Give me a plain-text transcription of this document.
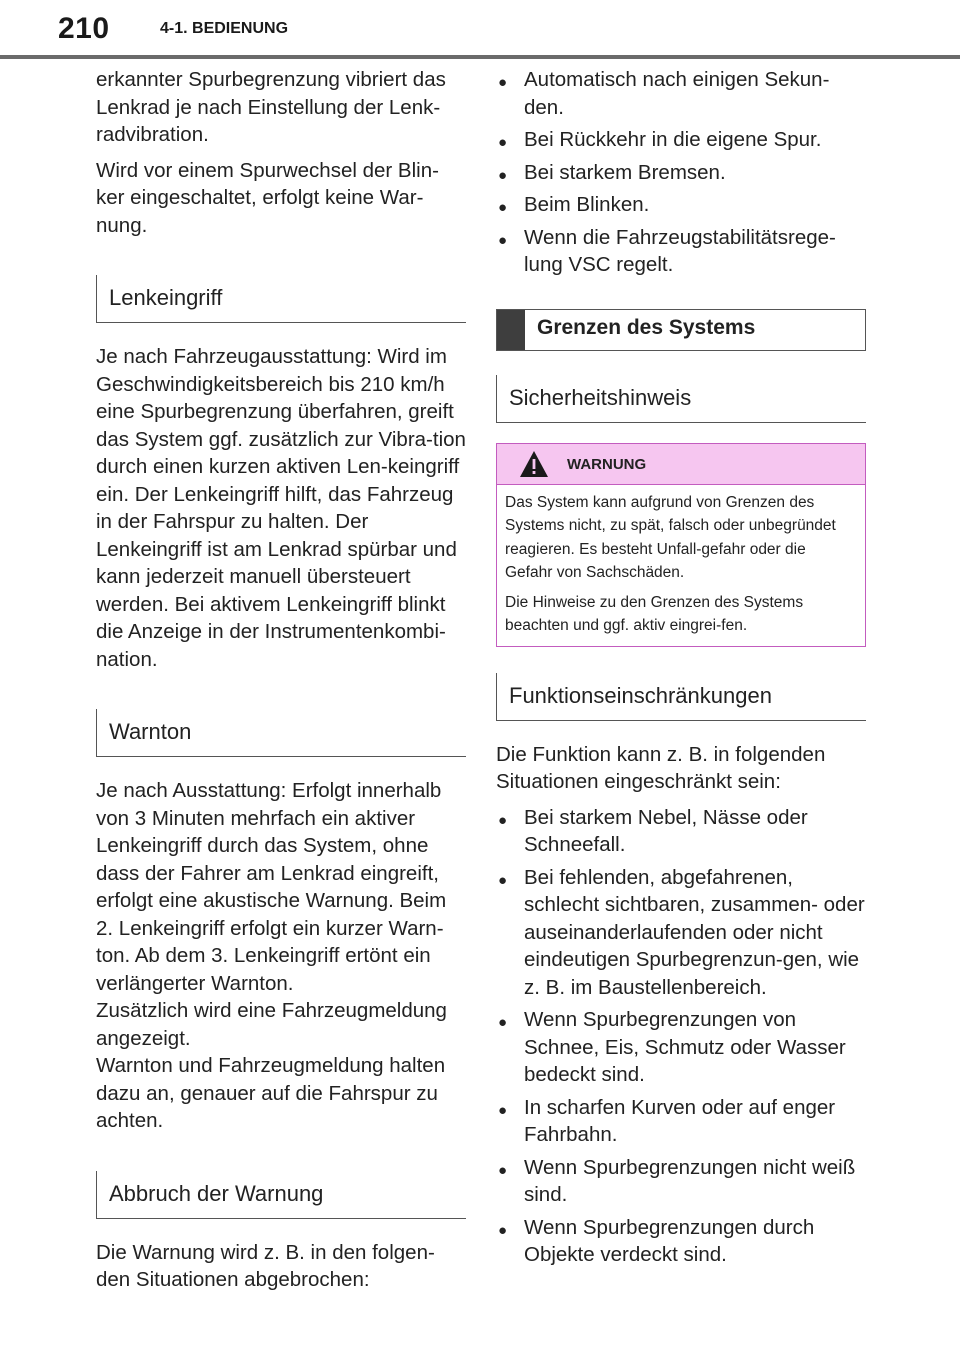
210	4-1. BEDIENUNG

erkannter Spurbegrenzung vibriert das Lenkrad je nach Einstellung der Lenk-radvibration.

Wird vor einem Spurwechsel der Blin-ker eingeschaltet, erfolgt keine War-nung.

Lenkeingriff

Je nach Fahrzeugausstattung: Wird im Geschwindigkeitsbereich bis 210 km/h eine Spurbegrenzung überfahren, greift das System ggf. zusätzlich zur Vibra-tion durch einen kurzen aktiven Len-keingriff ein. Der Lenkeingriff hilft, das Fahrzeug in der Fahrspur zu halten. Der Lenkeingriff ist am Lenkrad spürbar und kann jederzeit manuell übersteuert werden. Bei aktivem Lenkeingriff blinkt die Anzeige in der Instrumentenkombi-nation.

Warnton

Je nach Ausstattung: Erfolgt innerhalb von 3 Minuten mehrfach ein aktiver Lenkeingriff durch das System, ohne dass der Fahrer am Lenkrad eingreift, erfolgt eine akustische Warnung. Beim 2. Lenkeingriff erfolgt ein kurzer Warn-ton. Ab dem 3. Lenkeingriff ertönt ein verlängerter Warnton.

Zusätzlich wird eine Fahrzeugmeldung angezeigt.

Warnton und Fahrzeugmeldung halten dazu an, genauer auf die Fahrspur zu achten.

Abbruch der Warnung

Die Warnung wird z. B. in den folgen-den Situationen abgebrochen:

● Automatisch nach einigen Sekun-den.
● Bei Rückkehr in die eigene Spur.
● Bei starkem Bremsen.
● Beim Blinken.
● Wenn die Fahrzeugstabilitätsrege-lung VSC regelt.
Grenzen des Systems
Sicherheitshinweis
WARNUNG

Das System kann aufgrund von Grenzen des Systems nicht, zu spät, falsch oder unbegründet reagieren. Es besteht Unfall-gefahr oder die Gefahr von Sachschäden.

Die Hinweise zu den Grenzen des Systems beachten und ggf. aktiv eingrei-fen.

Funktionseinschränkungen

Die Funktion kann z. B. in folgenden Situationen eingeschränkt sein:

● Bei starkem Nebel, Nässe oder Schneefall.
● Bei fehlenden, abgefahrenen, schlecht sichtbaren, zusammen- oder auseinanderlaufenden oder nicht eindeutigen Spurbegrenzun-gen, wie z. B. im Baustellenbereich.
● Wenn Spurbegrenzungen von Schnee, Eis, Schmutz oder Wasser bedeckt sind.
● In scharfen Kurven oder auf enger Fahrbahn.
● Wenn Spurbegrenzungen nicht weiß sind.
● Wenn Spurbegrenzungen durch Objekte verdeckt sind.
